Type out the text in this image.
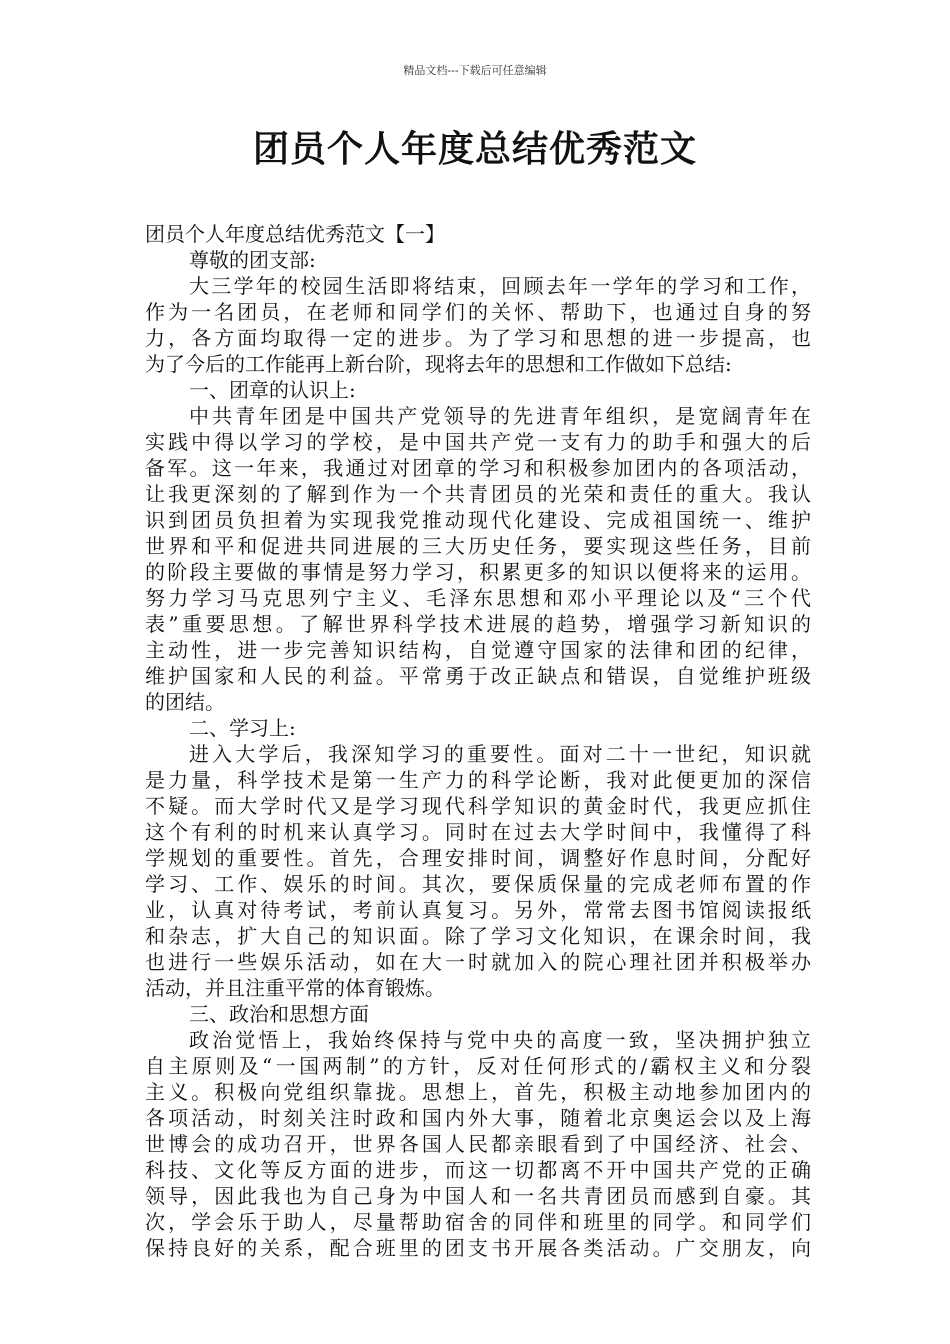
精品文档---下载后可任意编辑
团员个人年度总结优秀范文
团员个人年度总结优秀范文【一】
尊敬的团支部:
大三学年的校园生活即将结束，回顾去年一学年的学习和工作，
作为一名团员，在老师和同学们的关怀、帮助下，也通过自身的努
力，各方面均取得一定的进步。为了学习和思想的进一步提高，也
为了今后的工作能再上新台阶，现将去年的思想和工作做如下总结:
一、团章的认识上:
中共青年团是中国共产党领导的先进青年组织，是宽阔青年在
实践中得以学习的学校，是中国共产党一支有力的助手和强大的后
备军。这一年来，我通过对团章的学习和积极参加团内的各项活动，
让我更深刻的了解到作为一个共青团员的光荣和责任的重大。我认
识到团员负担着为实现我党推动现代化建设、完成祖国统一、维护
世界和平和促进共同进展的三大历史任务，要实现这些任务，目前
的阶段主要做的事情是努力学习，积累更多的知识以便将来的运用。
努力学习马克思列宁主义、毛泽东思想和邓小平理论以及“三个代
表”重要思想。了解世界科学技术进展的趋势，增强学习新知识的
主动性，进一步完善知识结构，自觉遵守国家的法律和团的纪律，
维护国家和人民的利益。平常勇于改正缺点和错误，自觉维护班级
的团结。
二、学习上:
进入大学后，我深知学习的重要性。面对二十一世纪，知识就
是力量，科学技术是第一生产力的科学论断，我对此便更加的深信
不疑。而大学时代又是学习现代科学知识的黄金时代，我更应抓住
这个有利的时机来认真学习。同时在过去大学时间中，我懂得了科
学规划的重要性。首先，合理安排时间，调整好作息时间，分配好
学习、工作、娱乐的时间。其次，要保质保量的完成老师布置的作
业，认真对待考试，考前认真复习。另外，常常去图书馆阅读报纸
和杂志，扩大自己的知识面。除了学习文化知识，在课余时间，我
也进行一些娱乐活动，如在大一时就加入的院心理社团并积极举办
活动，并且注重平常的体育锻炼。
三、政治和思想方面
政治觉悟上，我始终保持与党中央的高度一致，坚决拥护独立
自主原则及“一国两制”的方针，反对任何形式的/霸权主义和分裂
主义。积极向党组织靠拢。思想上，首先，积极主动地参加团内的
各项活动，时刻关注时政和国内外大事，随着北京奥运会以及上海
世博会的成功召开，世界各国人民都亲眼看到了中国经济、社会、
科技、文化等反方面的进步，而这一切都离不开中国共产党的正确
领导，因此我也为自己身为中国人和一名共青团员而感到自豪。其
次，学会乐于助人，尽量帮助宿舍的同伴和班里的同学。和同学们
保持良好的关系，配合班里的团支书开展各类活动。广交朋友，向
